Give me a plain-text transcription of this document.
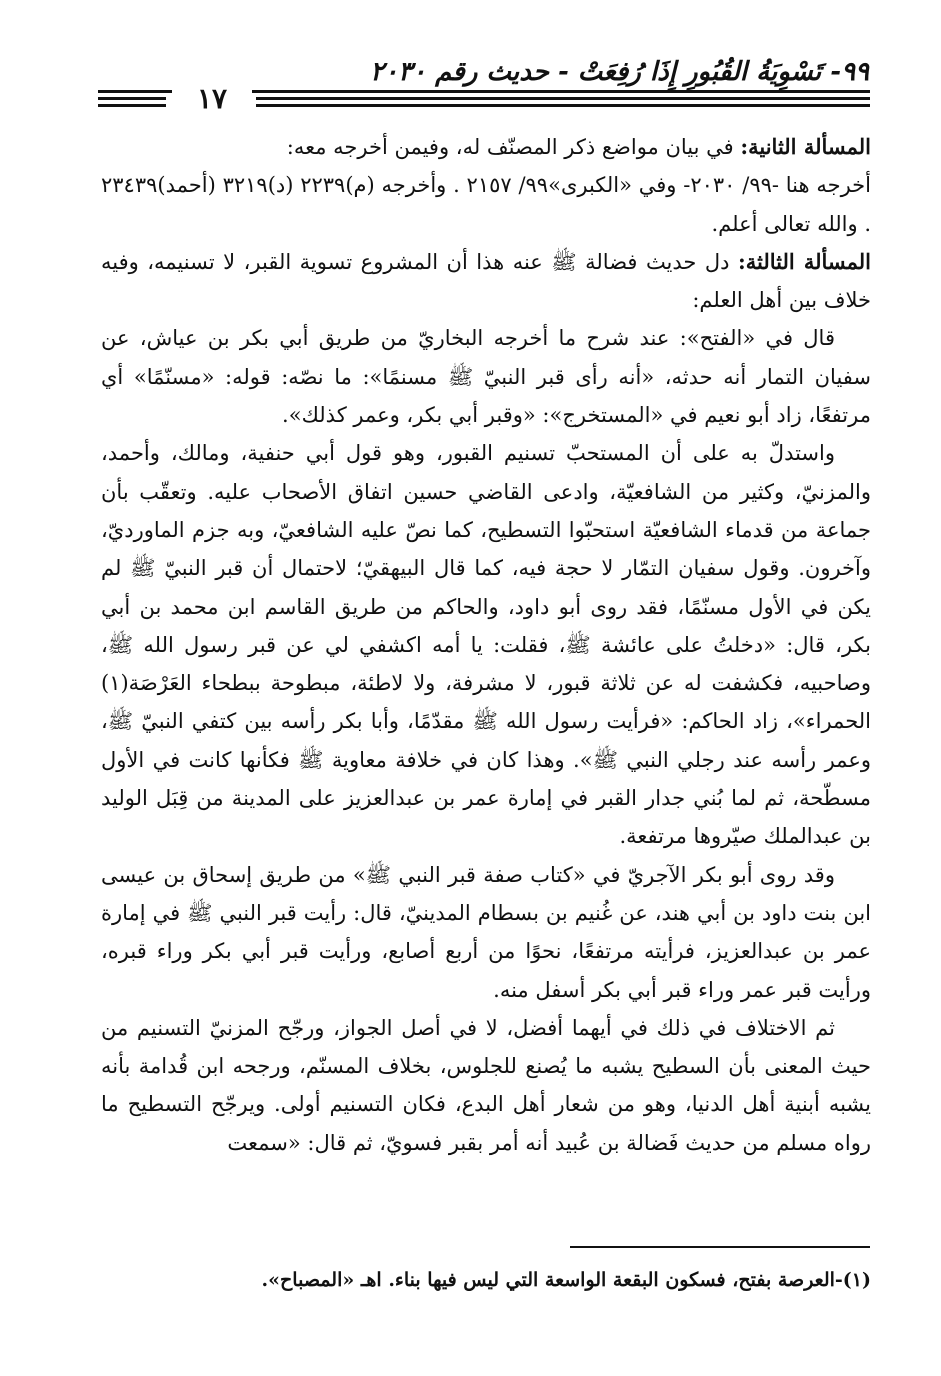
٩٩- تَسْوِيَةُ القُبُورِ إِذَا رُفِعَتْ - حديث رقم ٢٠٣٠
١٧

المسألة الثانية: في بيان مواضع ذكر المصنّف له، وفيمن أخرجه معه:

أخرجه هنا -٩٩/ ٢٠٣٠- وفي «الكبرى»٩٩/ ٢١٥٧ . وأخرجه (م)٢٢٣٩ (د)٣٢١٩ (أحمد)٢٣٤٣٩ . والله تعالى أعلم.

المسألة الثالثة: دل حديث فضالة ﷺ عنه هذا أن المشروع تسوية القبر، لا تسنيمه، وفيه خلاف بين أهل العلم:

قال في «الفتح»: عند شرح ما أخرجه البخاريّ من طريق أبي بكر بن عياش، عن سفيان التمار أنه حدثه، «أنه رأى قبر النبيّ ﷺ مسنمًا»: ما نصّه: قوله: «مسنّمًا» أي مرتفعًا، زاد أبو نعيم في «المستخرج»: «وقبر أبي بكر، وعمر كذلك».

واستدلّ به على أن المستحبّ تسنيم القبور، وهو قول أبي حنفية، ومالك، وأحمد، والمزنيّ، وكثير من الشافعيّة، وادعى القاضي حسين اتفاق الأصحاب عليه. وتعقّب بأن جماعة من قدماء الشافعيّة استحبّوا التسطيح، كما نصّ عليه الشافعيّ، وبه جزم الماورديّ، وآخرون. وقول سفيان التمّار لا حجة فيه، كما قال البيهقيّ؛ لاحتمال أن قبر النبيّ ﷺ لم يكن في الأول مسنّمًا، فقد روى أبو داود، والحاكم من طريق القاسم ابن محمد بن أبي بكر، قال: «دخلتُ على عائشة ﷺ، فقلت: يا أمه اكشفي لي عن قبر رسول الله ﷺ، وصاحبيه، فكشفت له عن ثلاثة قبور، لا مشرفة، ولا لاطئة، مبطوحة ببطحاء العَرْصَة(١) الحمراء»، زاد الحاكم: «فرأيت رسول الله ﷺ مقدّمًا، وأبا بكر رأسه بين كتفي النبيّ ﷺ، وعمر رأسه عند رجلي النبي ﷺ». وهذا كان في خلافة معاوية ﷺ فكأنها كانت في الأول مسطّحة، ثم لما بُني جدار القبر في إمارة عمر بن عبدالعزيز على المدينة من قِبَل الوليد بن عبدالملك صيّروها مرتفعة.

وقد روى أبو بكر الآجريّ في «كتاب صفة قبر النبي ﷺ» من طريق إسحاق بن عيسى ابن بنت داود بن أبي هند، عن غُنيم بن بسطام المدينيّ، قال: رأيت قبر النبي ﷺ في إمارة عمر بن عبدالعزيز، فرأيته مرتفعًا، نحوًا من أربع أصابع، ورأيت قبر أبي بكر وراء قبره، ورأيت قبر عمر وراء قبر أبي بكر أسفل منه.

ثم الاختلاف في ذلك في أيهما أفضل، لا في أصل الجواز، ورجّح المزنيّ التسنيم من حيث المعنى بأن السطيح يشبه ما يُصنع للجلوس، بخلاف المسنّم، ورجحه ابن قُدامة بأنه يشبه أبنية أهل الدنيا، وهو من شعار أهل البدع، فكان التسنيم أولى. ويرجّح التسطيح ما رواه مسلم من حديث فَضالة بن عُبيد أنه أمر بقبر فسويّ، ثم قال: «سمعت

(١)-العرصة بفتح، فسكون البقعة الواسعة التي ليس فيها بناء. اهـ «المصباح».
